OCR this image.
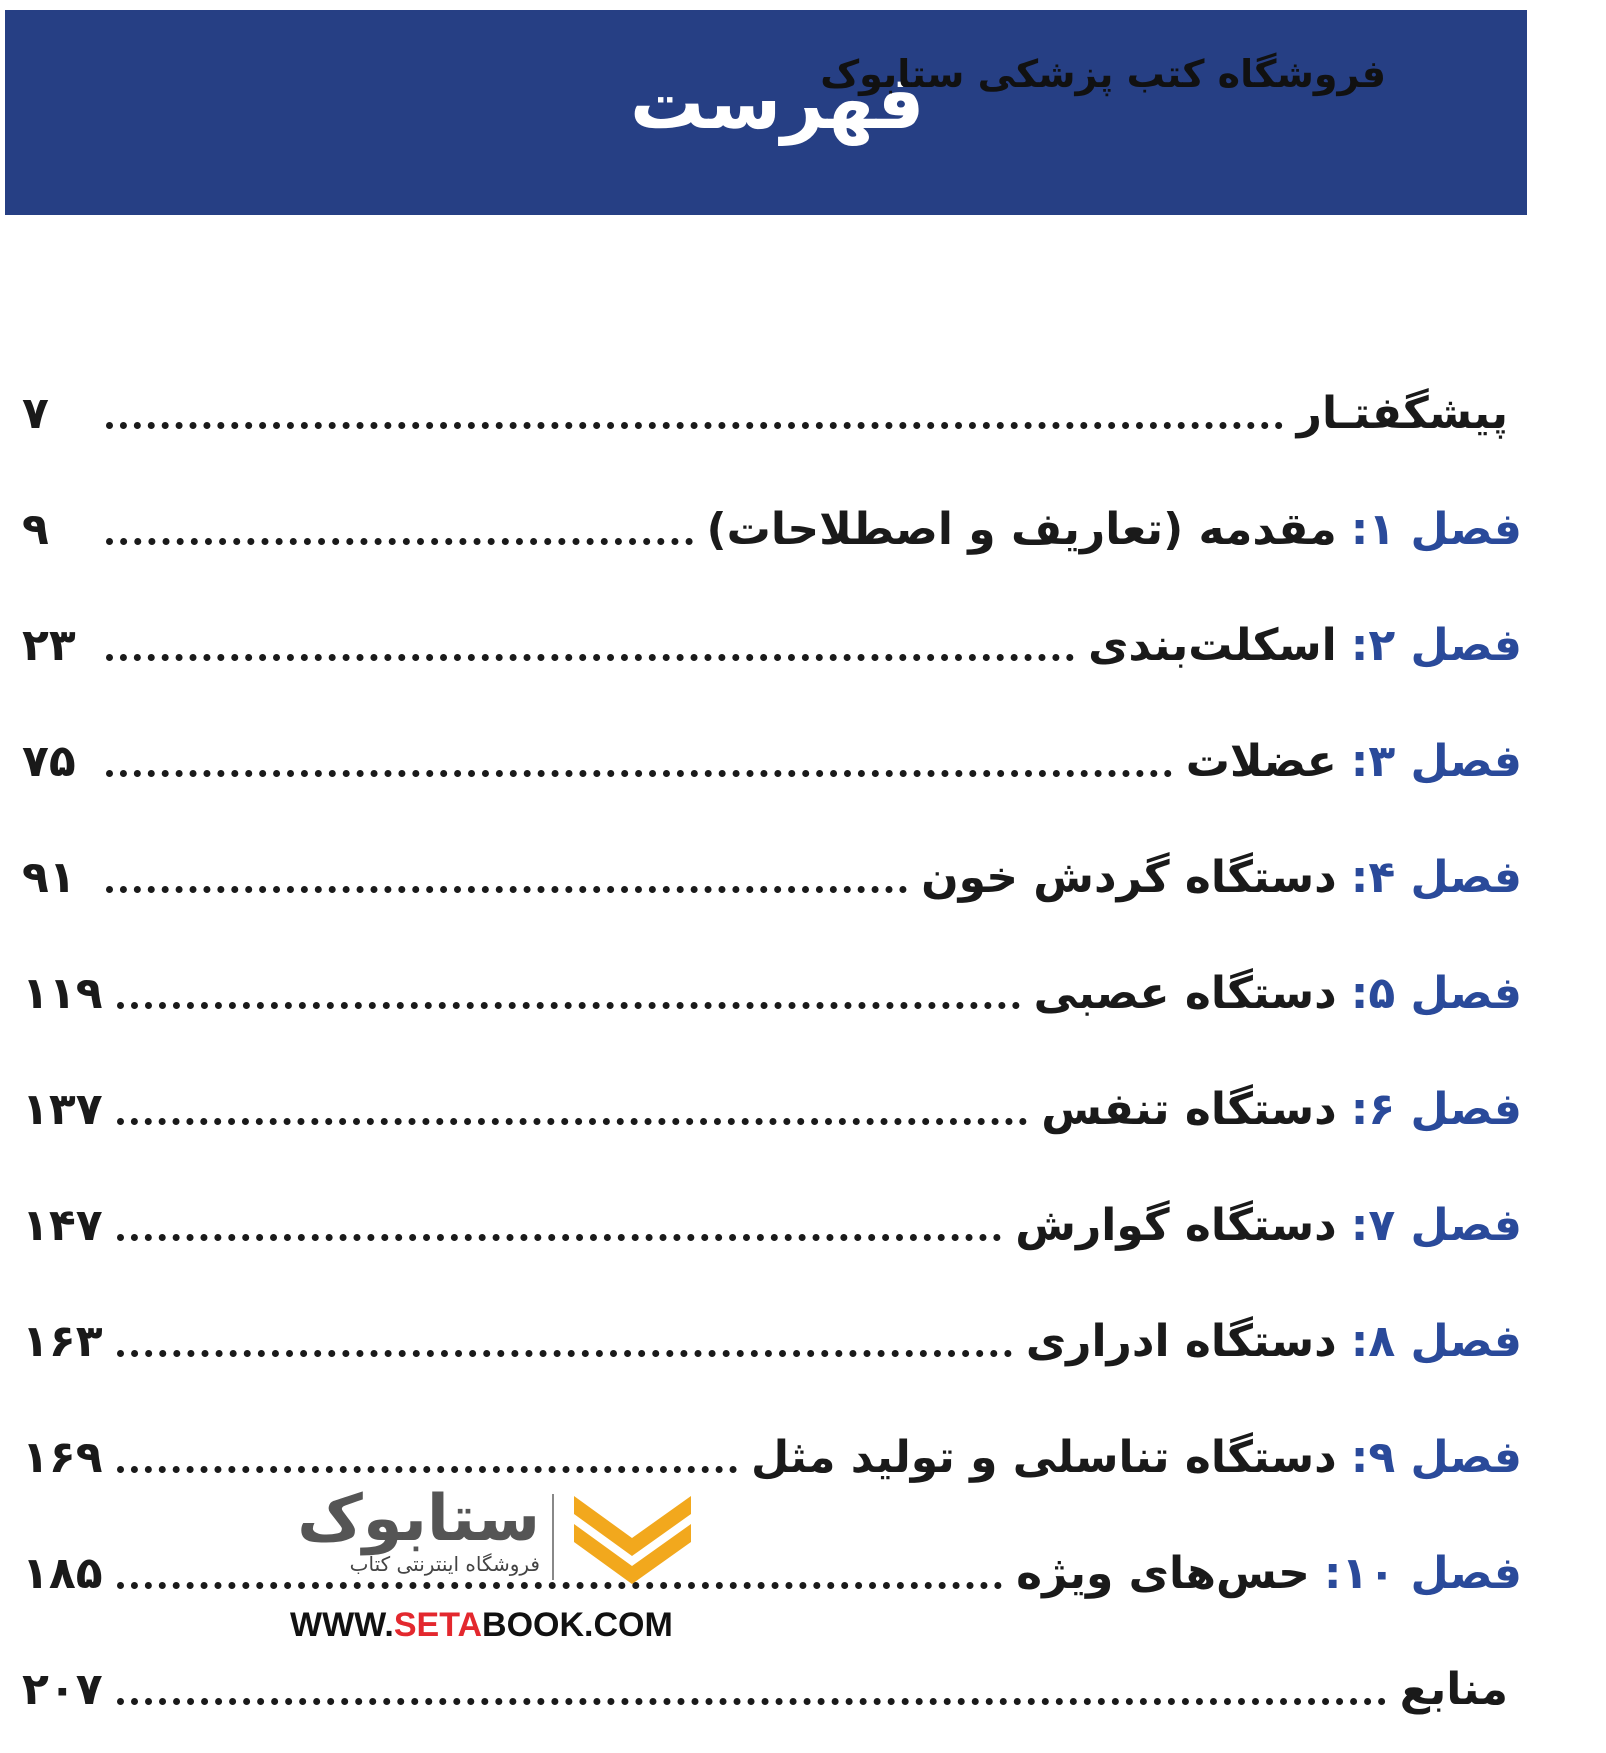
فهرست
فروشگاه کتب پزشکی ستابوک
پیشگفتـار
۷
فصل ۱:
مقدمه (تعاریف و اصطلاحات)
۹
فصل ۲:
اسکلت‌بندی
۲۳
فصل ۳:
عضلات
۷۵
فصل ۴:
دستگاه گردش خون
۹۱
فصل ۵:
دستگاه عصبی
۱۱۹
فصل ۶:
دستگاه تنفس
۱۳۷
فصل ۷:
دستگاه گوارش
۱۴۷
فصل ۸:
دستگاه ادراری
۱۶۳
فصل ۹:
دستگاه تناسلی و تولید مثل
۱۶۹
فصل ۱۰:
حس‌های ویژه
۱۸۵
منابع
۲۰۷
ستابوک
فروشگاه اینترنتی کتاب
WWW.SETABOOK.COM
